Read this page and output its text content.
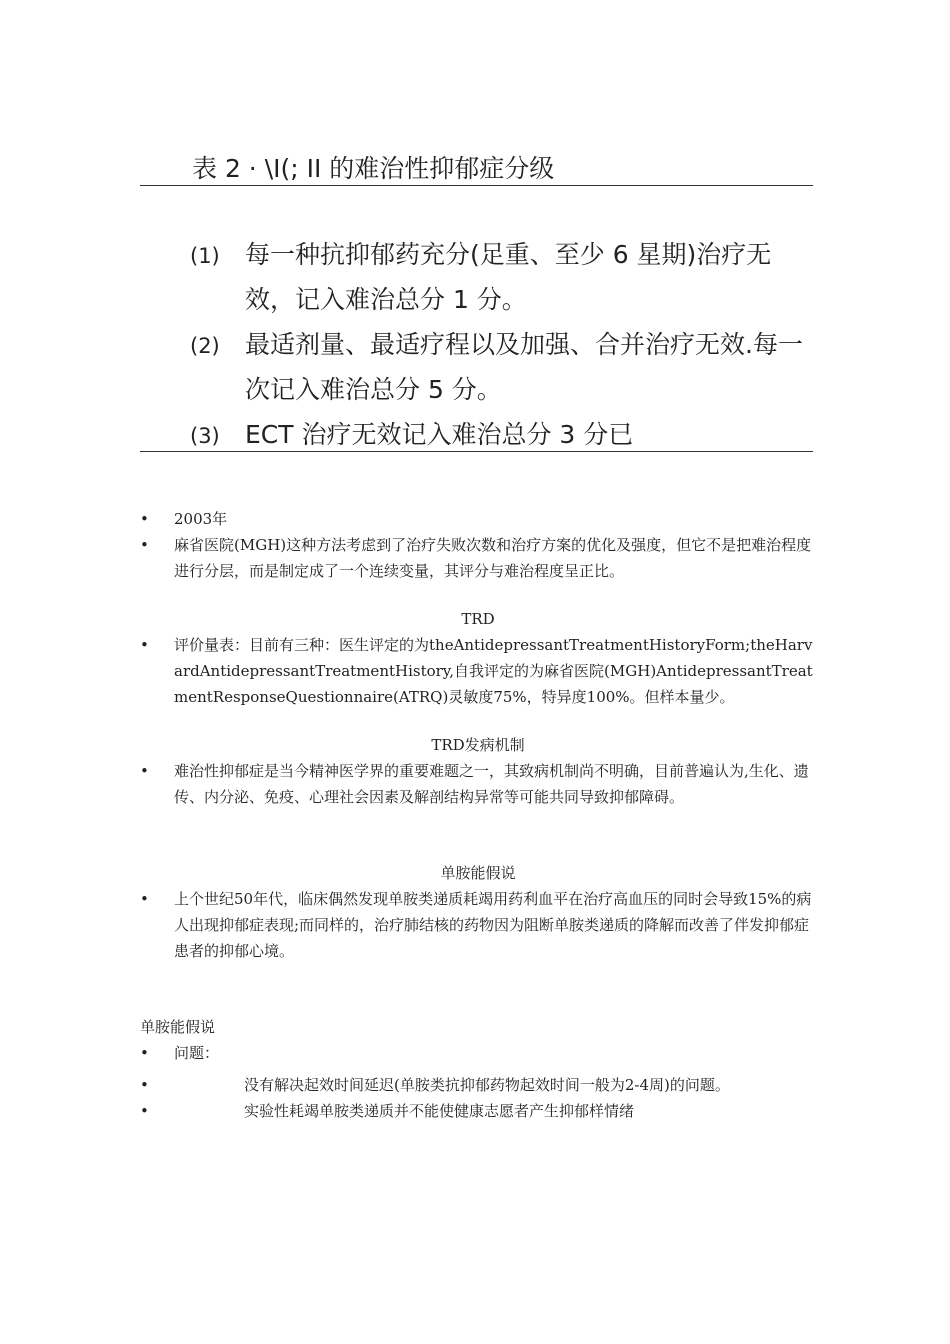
表 2 · \I(; II 的难治性抑郁症分级
(1) 每一种抗抑郁药充分(足重、至少 6 星期)治疗无效，记入难治总分 1 分。
(2) 最适剂量、最适疗程以及加强、合并治疗无效.每一次记入难治总分 5 分。
(3) ECT 治疗无效记入难治总分 3 分已
• 2003年
• 麻省医院(MGH)这种方法考虑到了治疗失败次数和治疗方案的优化及强度，但它不是把难治程度进行分层，而是制定成了一个连续变量，其评分与难治程度呈正比。

TRD

• 评价量表：目前有三种：医生评定的为theAntidepressantTreatmentHistoryForm;theHarvardAntidepressantTreatmentHistory,自我评定的为麻省医院(MGH)AntidepressantTreatmentResponseQuestionnaire(ATRQ)灵敏度75%，特异度100%。但样本量少。

TRD发病机制

• 难治性抑郁症是当今精神医学界的重要难题之一，其致病机制尚不明确，目前普遍认为,生化、遗传、内分泌、免疫、心理社会因素及解剖结构异常等可能共同导致抑郁障碍。

单胺能假说

• 上个世纪50年代，临床偶然发现单胺类递质耗竭用药利血平在治疗高血压的同时会导致15%的病人出现抑郁症表现;而同样的，治疗肺结核的药物因为阻断单胺类递质的降解而改善了伴发抑郁症患者的抑郁心境。

单胺能假说

• 问题：
•	没有解决起效时间延迟(单胺类抗抑郁药物起效时间一般为2-4周)的问题。
•	实验性耗竭单胺类递质并不能使健康志愿者产生抑郁样情绪
